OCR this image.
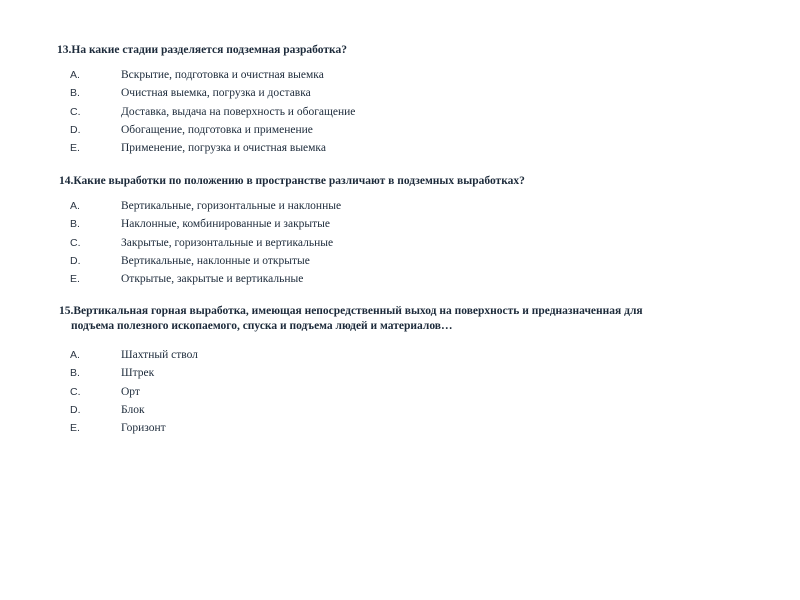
13.На какие стадии разделяется подземная разработка?
A.	Вскрытие, подготовка и очистная выемка
B.	Очистная выемка, погрузка и доставка
C.	Доставка, выдача на поверхность и обогащение
D.	Обогащение, подготовка и применение
E.	Применение, погрузка и очистная выемка
14.Какие выработки по положению в пространстве различают в подземных выработках?
A.	Вертикальные, горизонтальные и наклонные
B.	Наклонные, комбинированные и закрытые
C.	Закрытые, горизонтальные и вертикальные
D.	Вертикальные, наклонные и открытые
E.	Открытые, закрытые и вертикальные
15.Вертикальная горная выработка, имеющая непосредственный выход на поверхность и предназначенная для
подъема полезного ископаемого, спуска и подъема людей и материалов…
A.	Шахтный ствол
B.	Штрек
C.	Орт
D.	Блок
E.	Горизонт
